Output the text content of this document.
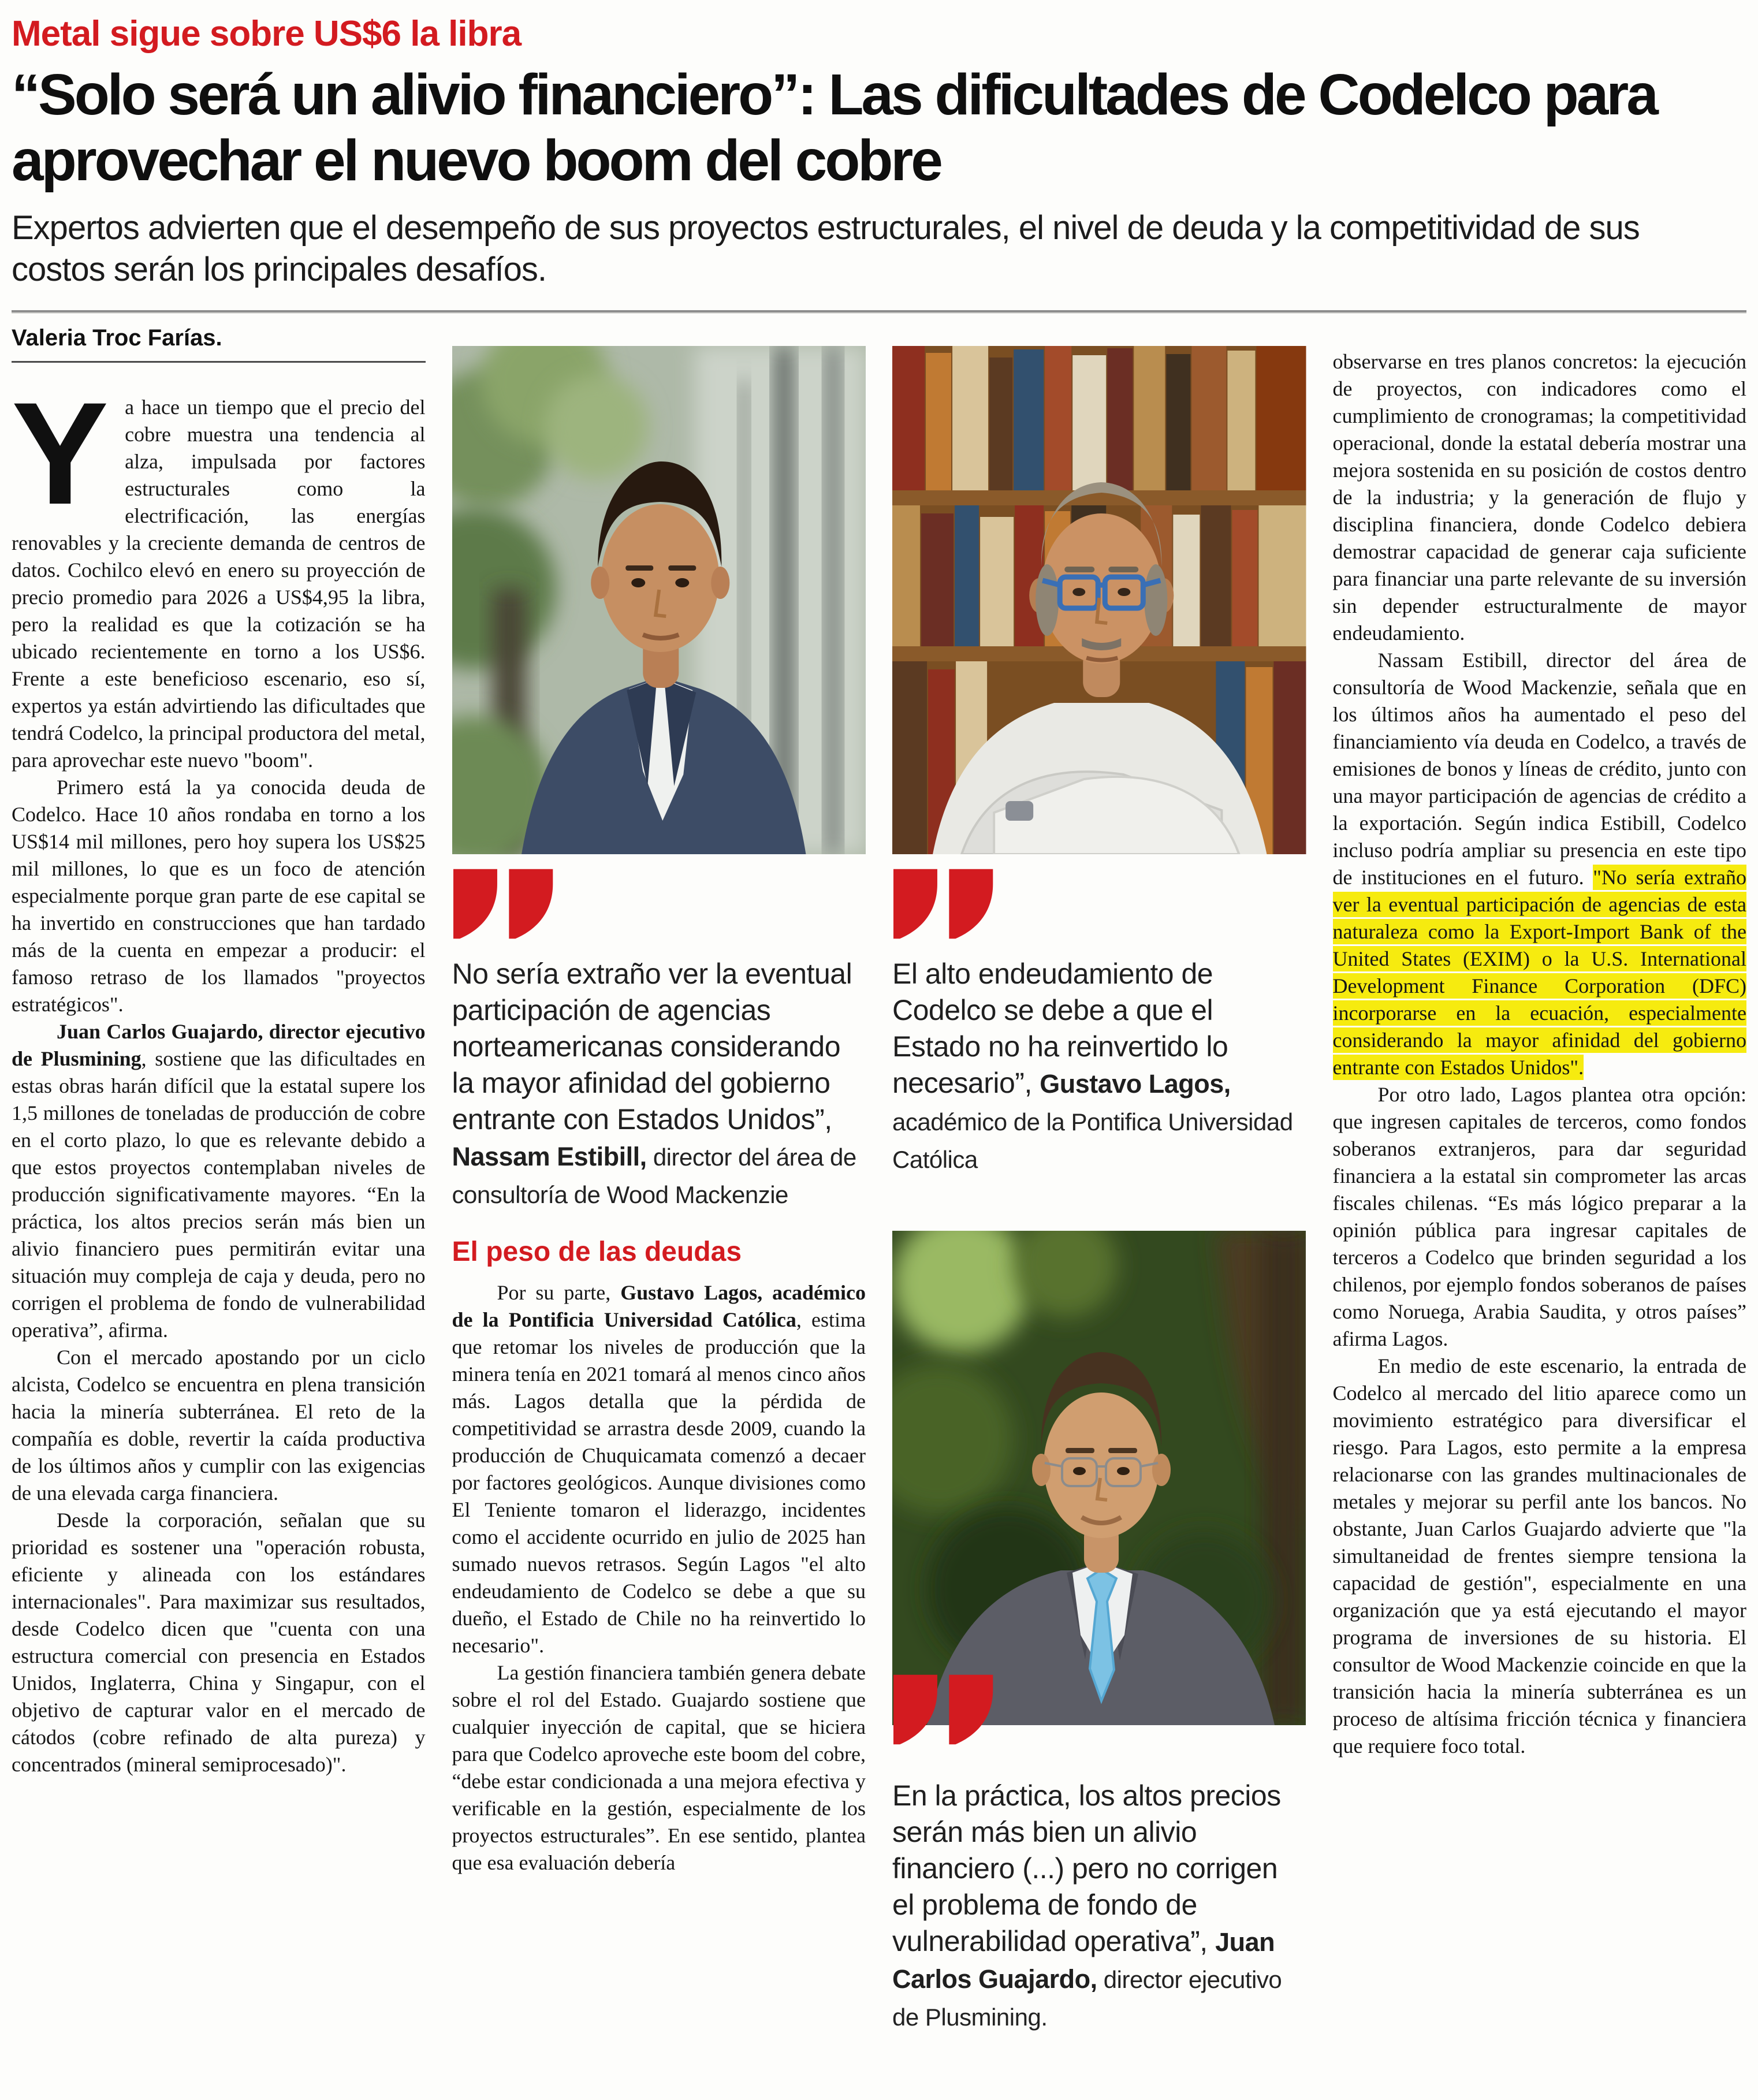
Metal sigue sobre US$6 la libra
“Solo será un alivio financiero”: Las dificultades de Codelco para aprovechar el nuevo boom del cobre

Expertos advierten que el desempeño de sus proyectos estructurales, el nivel de deuda y la competitividad de sus costos serán los principales desafíos.

Valeria Troc Farías.

Ya hace un tiempo que el precio del cobre muestra una tendencia al alza, impulsada por factores estructurales como la electrificación, las energías renovables y la creciente demanda de centros de datos. Cochilco elevó en enero su proyección de precio promedio para 2026 a US$4,95 la libra, pero la realidad es que la cotización se ha ubicado recientemente en torno a los US$6. Frente a este beneficioso escenario, eso sí, expertos ya están advirtiendo las dificultades que tendrá Codelco, la principal productora del metal, para aprovechar este nuevo "boom".

Primero está la ya conocida deuda de Codelco. Hace 10 años rondaba en torno a los US$14 mil millones, pero hoy supera los US$25 mil millones, lo que es un foco de atención especialmente porque gran parte de ese capital se ha invertido en construcciones que han tardado más de la cuenta en empezar a producir: el famoso retraso de los llamados "proyectos estratégicos".

Juan Carlos Guajardo, director ejecutivo de Plusmining, sostiene que las dificultades en estas obras harán difícil que la estatal supere los 1,5 millones de toneladas de producción de cobre en el corto plazo, lo que es relevante debido a que estos proyectos contemplaban niveles de producción significativamente mayores. “En la práctica, los altos precios serán más bien un alivio financiero pues permitirán evitar una situación muy compleja de caja y deuda, pero no corrigen el problema de fondo de vulnerabilidad operativa”, afirma.

Con el mercado apostando por un ciclo alcista, Codelco se encuentra en plena transición hacia la minería subterránea. El reto de la compañía es doble, revertir la caída productiva de los últimos años y cumplir con las exigencias de una elevada carga financiera.

Desde la corporación, señalan que su prioridad es sostener una "operación robusta, eficiente y alineada con los estándares internacionales". Para maximizar sus resultados, desde Codelco dicen que "cuenta con una estructura comercial con presencia en Estados Unidos, Inglaterra, China y Singapur, con el objetivo de capturar valor en el mercado de cátodos (cobre refinado de alta pureza) y concentrados (mineral semiprocesado)".

No sería extraño ver la eventual participación de agencias norteamericanas considerando la mayor afinidad del gobierno entrante con Estados Unidos”, Nassam Estibill, director del área de consultoría de Wood Mackenzie

El peso de las deudas

Por su parte, Gustavo Lagos, académico de la Pontificia Universidad Católica, estima que retomar los niveles de producción que la minera tenía en 2021 tomará al menos cinco años más. Lagos detalla que la pérdida de competitividad se arrastra desde 2009, cuando la producción de Chuquicamata comenzó a decaer por factores geológicos. Aunque divisiones como El Teniente tomaron el liderazgo, incidentes como el accidente ocurrido en julio de 2025 han sumado nuevos retrasos. Según Lagos "el alto endeudamiento de Codelco se debe a que su dueño, el Estado de Chile no ha reinvertido lo necesario".

La gestión financiera también genera debate sobre el rol del Estado. Guajardo sostiene que cualquier inyección de capital, que se hiciera para que Codelco aproveche este boom del cobre, “debe estar condicionada a una mejora efectiva y verificable en la gestión, especialmente de los proyectos estructurales”. En ese sentido, plantea que esa evaluación debería

El alto endeudamiento de Codelco se debe a que el Estado no ha reinvertido lo necesario”, Gustavo Lagos, académico de la Pontifica Universidad Católica

En la práctica, los altos precios serán más bien un alivio financiero (...) pero no corrigen el problema de fondo de vulnerabilidad operativa”, Juan Carlos Guajardo, director ejecutivo de Plusmining.

observarse en tres planos concretos: la ejecución de proyectos, con indicadores como el cumplimiento de cronogramas; la competitividad operacional, donde la estatal debería mostrar una mejora sostenida en su posición de costos dentro de la industria; y la generación de flujo y disciplina financiera, donde Codelco debiera demostrar capacidad de generar caja suficiente para financiar una parte relevante de su inversión sin depender estructuralmente de mayor endeudamiento.

Nassam Estibill, director del área de consultoría de Wood Mackenzie, señala que en los últimos años ha aumentado el peso del financiamiento vía deuda en Codelco, a través de emisiones de bonos y líneas de crédito, junto con una mayor participación de agencias de crédito a la exportación. Según indica Estibill, Codelco incluso podría ampliar su presencia en este tipo de instituciones en el futuro. "No sería extraño ver la eventual participación de agencias de esta naturaleza como la Export-Import Bank of the United States (EXIM) o la U.S. International Development Finance Corporation (DFC) incorporarse en la ecuación, especialmente considerando la mayor afinidad del gobierno entrante con Estados Unidos".

Por otro lado, Lagos plantea otra opción: que ingresen capitales de terceros, como fondos soberanos extranjeros, para dar seguridad financiera a la estatal sin comprometer las arcas fiscales chilenas. “Es más lógico preparar a la opinión pública para ingresar capitales de terceros a Codelco que brinden seguridad a los chilenos, por ejemplo fondos soberanos de países como Noruega, Arabia Saudita, y otros países” afirma Lagos.

En medio de este escenario, la entrada de Codelco al mercado del litio aparece como un movimiento estratégico para diversificar el riesgo. Para Lagos, esto permite a la empresa relacionarse con las grandes multinacionales de metales y mejorar su perfil ante los bancos. No obstante, Juan Carlos Guajardo advierte que "la simultaneidad de frentes siempre tensiona la capacidad de gestión", especialmente en una organización que ya está ejecutando el mayor programa de inversiones de su historia. El consultor de Wood Mackenzie coincide en que la transición hacia la minería subterránea es un proceso de altísima fricción técnica y financiera que requiere foco total.
